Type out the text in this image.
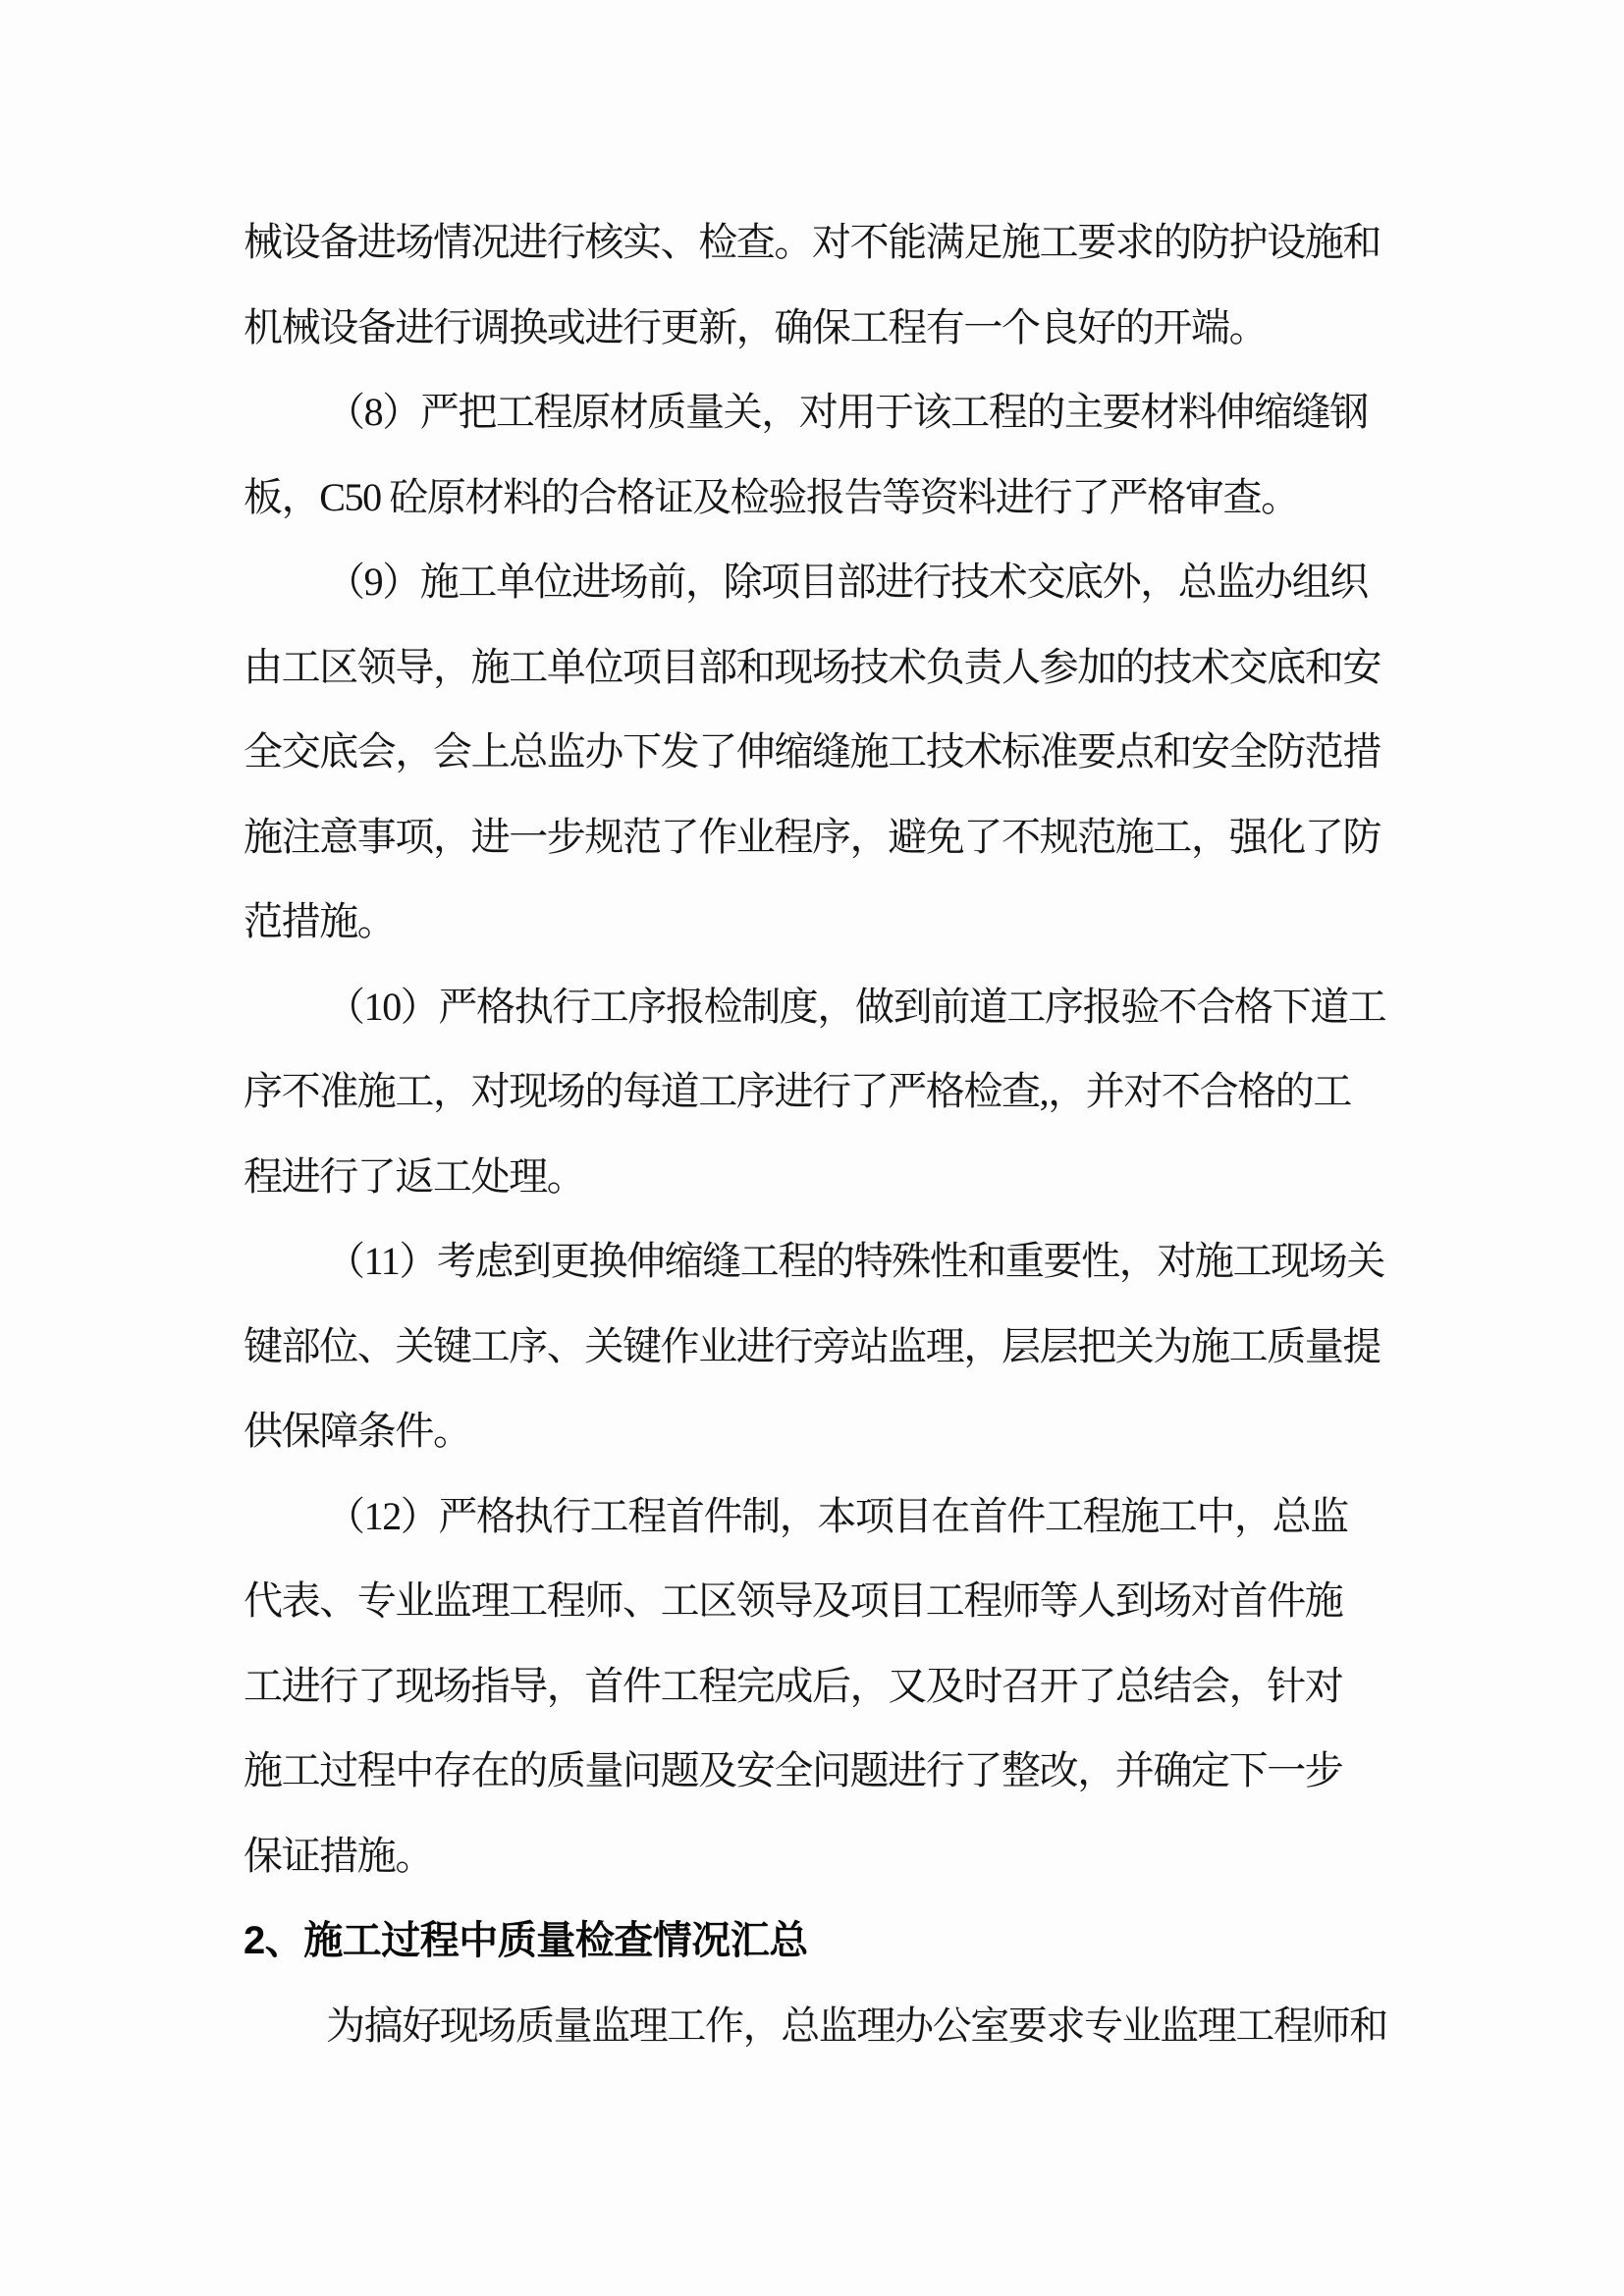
械设备进场情况进行核实、检查。对不能满足施工要求的防护设施和
机械设备进行调换或进行更新，确保工程有一个良好的开端。
（8）严把工程原材质量关，对用于该工程的主要材料伸缩缝钢
板，C50 砼原材料的合格证及检验报告等资料进行了严格审查。
（9）施工单位进场前，除项目部进行技术交底外，总监办组织
由工区领导，施工单位项目部和现场技术负责人参加的技术交底和安
全交底会，会上总监办下发了伸缩缝施工技术标准要点和安全防范措
施注意事项，进一步规范了作业程序，避免了不规范施工，强化了防
范措施。
（10）严格执行工序报检制度，做到前道工序报验不合格下道工
序不准施工，对现场的每道工序进行了严格检查,，并对不合格的工
程进行了返工处理。
（11）考虑到更换伸缩缝工程的特殊性和重要性，对施工现场关
键部位、关键工序、关键作业进行旁站监理，层层把关为施工质量提
供保障条件。
（12）严格执行工程首件制，本项目在首件工程施工中，总监
代表、专业监理工程师、工区领导及项目工程师等人到场对首件施
工进行了现场指导，首件工程完成后，又及时召开了总结会，针对
施工过程中存在的质量问题及安全问题进行了整改，并确定下一步
保证措施。
2、施工过程中质量检查情况汇总
为搞好现场质量监理工作，总监理办公室要求专业监理工程师和
